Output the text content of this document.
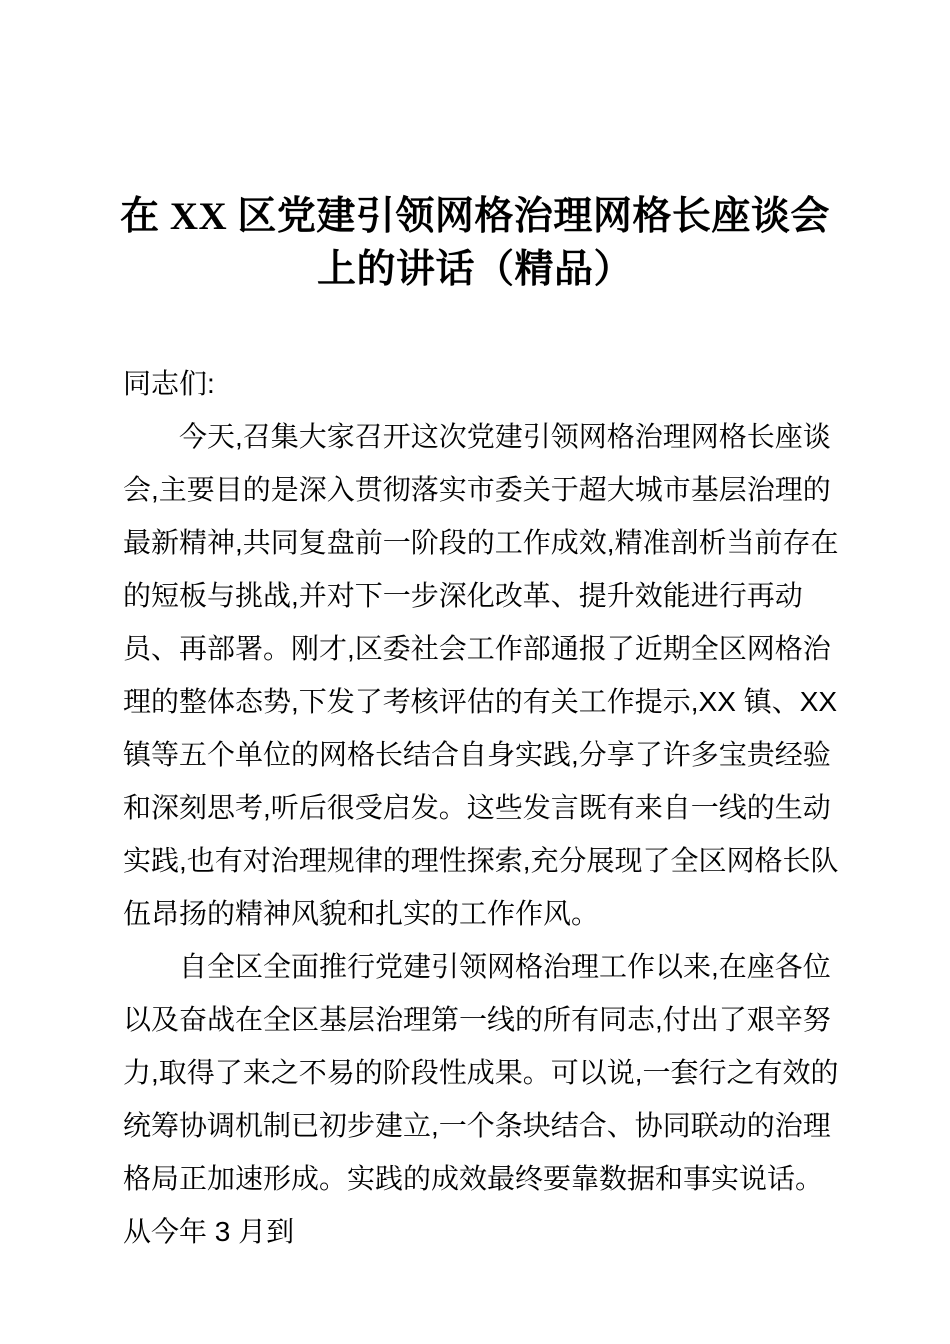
在 XX 区党建引领网格治理网格长座谈会
上的讲话（精品）

同志们:

今天,召集大家召开这次党建引领网格治理网格长座谈会,主要目的是深入贯彻落实市委关于超大城市基层治理的最新精神,共同复盘前一阶段的工作成效,精准剖析当前存在的短板与挑战,并对下一步深化改革、提升效能进行再动员、再部署。刚才,区委社会工作部通报了近期全区网格治理的整体态势,下发了考核评估的有关工作提示,XX 镇、XX 镇等五个单位的网格长结合自身实践,分享了许多宝贵经验和深刻思考,听后很受启发。这些发言既有来自一线的生动实践,也有对治理规律的理性探索,充分展现了全区网格长队伍昂扬的精神风貌和扎实的工作作风。

自全区全面推行党建引领网格治理工作以来,在座各位以及奋战在全区基层治理第一线的所有同志,付出了艰辛努力,取得了来之不易的阶段性成果。可以说,一套行之有效的统筹协调机制已初步建立,一个条块结合、协同联动的治理格局正加速形成。实践的成效最终要靠数据和事实说话。从今年 3 月到
